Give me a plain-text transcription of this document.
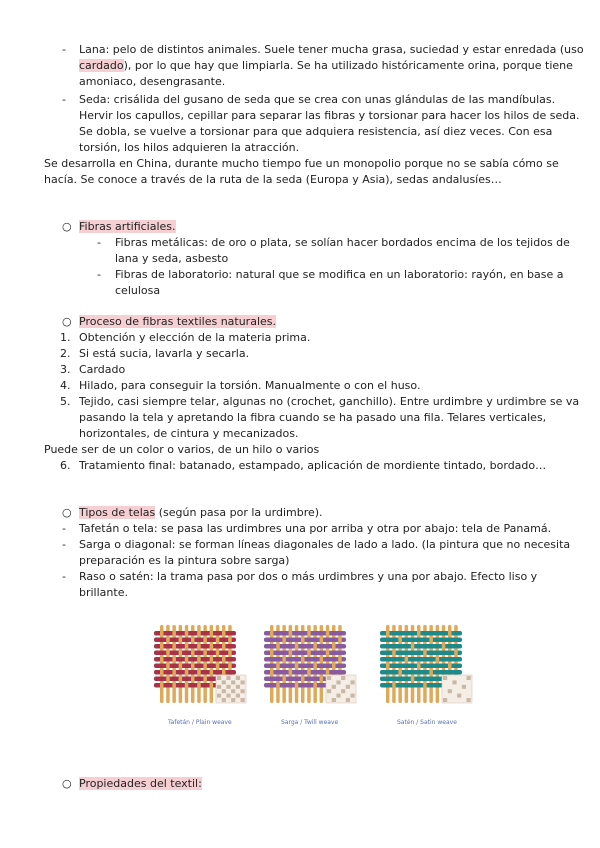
- Lana: pelo de distintos animales. Suele tener mucha grasa, suciedad y estar enredada (uso
cardado), por lo que hay que limpiarla. Se ha utilizado históricamente orina, porque tiene
amoniaco, desengrasante.
- Seda: crisálida del gusano de seda que se crea con unas glándulas de las mandíbulas.
Hervir los capullos, cepillar para separar las fibras y torsionar para hacer los hilos de seda.
Se dobla, se vuelve a torsionar para que adquiera resistencia, así diez veces. Con esa
torsión, los hilos adquieren la atracción.
Se desarrolla en China, durante mucho tiempo fue un monopolio porque no se sabía cómo se
hacía. Se conoce a través de la ruta de la seda (Europa y Asia), sedas andalusíes…
○ Fibras artificiales.
- Fibras metálicas: de oro o plata, se solían hacer bordados encima de los tejidos de
lana y seda, asbesto
- Fibras de laboratorio: natural que se modifica en un laboratorio: rayón, en base a
celulosa
○ Proceso de fibras textiles naturales.
1. Obtención y elección de la materia prima.
2. Si está sucia, lavarla y secarla.
3. Cardado
4. Hilado, para conseguir la torsión. Manualmente o con el huso.
5. Tejido, casi siempre telar, algunas no (crochet, ganchillo). Entre urdimbre y urdimbre se va
pasando la tela y apretando la fibra cuando se ha pasado una fila. Telares verticales,
horizontales, de cintura y mecanizados.
Puede ser de un color o varios, de un hilo o varios
6. Tratamiento final: batanado, estampado, aplicación de mordiente tintado, bordado…
○ Tipos de telas (según pasa por la urdimbre).
- Tafetán o tela: se pasa las urdimbres una por arriba y otra por abajo: tela de Panamá.
- Sarga o diagonal: se forman líneas diagonales de lado a lado. (la pintura que no necesita
preparación es la pintura sobre sarga)
- Raso o satén: la trama pasa por dos o más urdimbres y una por abajo. Efecto liso y
brillante.
Tafetán / Plain weave	Sarga / Twill weave	Satén / Satin weave
○ Propiedades del textil:
